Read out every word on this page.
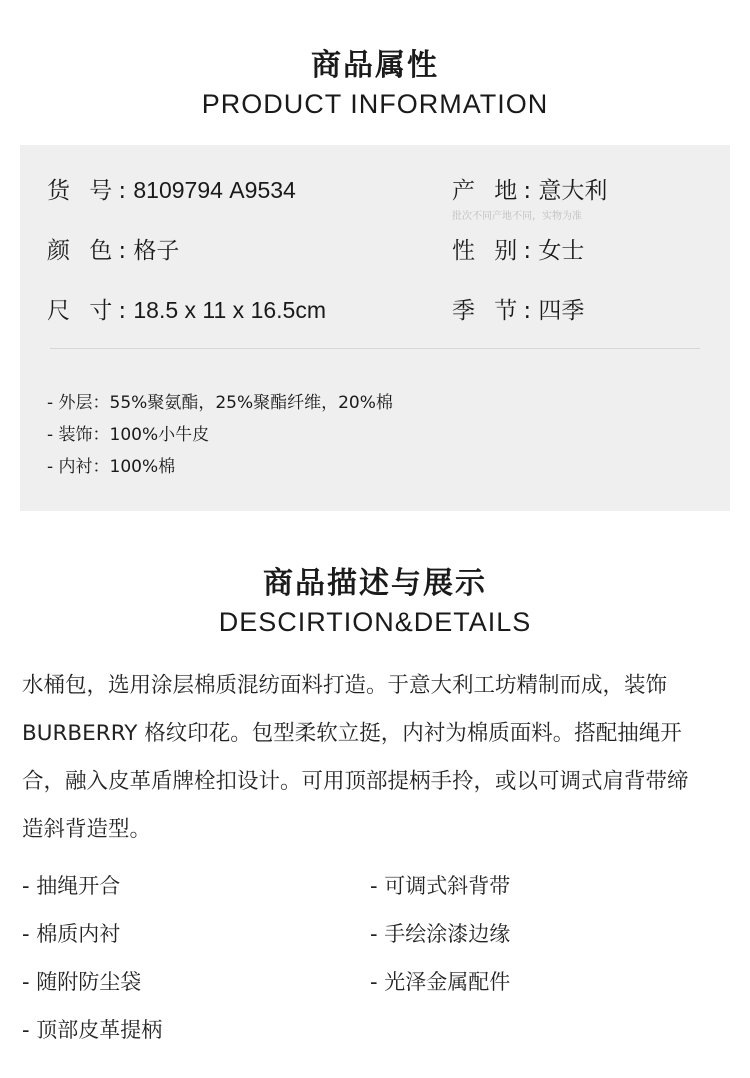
商品属性
PRODUCT INFORMATION
货 号: 8109794 A9534	产 地: 意大利
批次不同产地不同，实物为准
颜 色: 格子	性 别: 女士
尺 寸: 18.5 x 11 x 16.5cm	季 节: 四季
- 外层：55%聚氨酯，25%聚酯纤维，20%棉
- 装饰：100%小牛皮
- 内衬：100%棉
商品描述与展示
DESCIRTION&DETAILS
水桶包，选用涂层棉质混纺面料打造。于意大利工坊精制而成，装饰
BURBERRY 格纹印花。包型柔软立挺，内衬为棉质面料。搭配抽绳开
合，融入皮革盾牌栓扣设计。可用顶部提柄手拎，或以可调式肩背带缔
造斜背造型。
- 抽绳开合	- 可调式斜背带
- 棉质内衬	- 手绘涂漆边缘
- 随附防尘袋	- 光泽金属配件
- 顶部皮革提柄
